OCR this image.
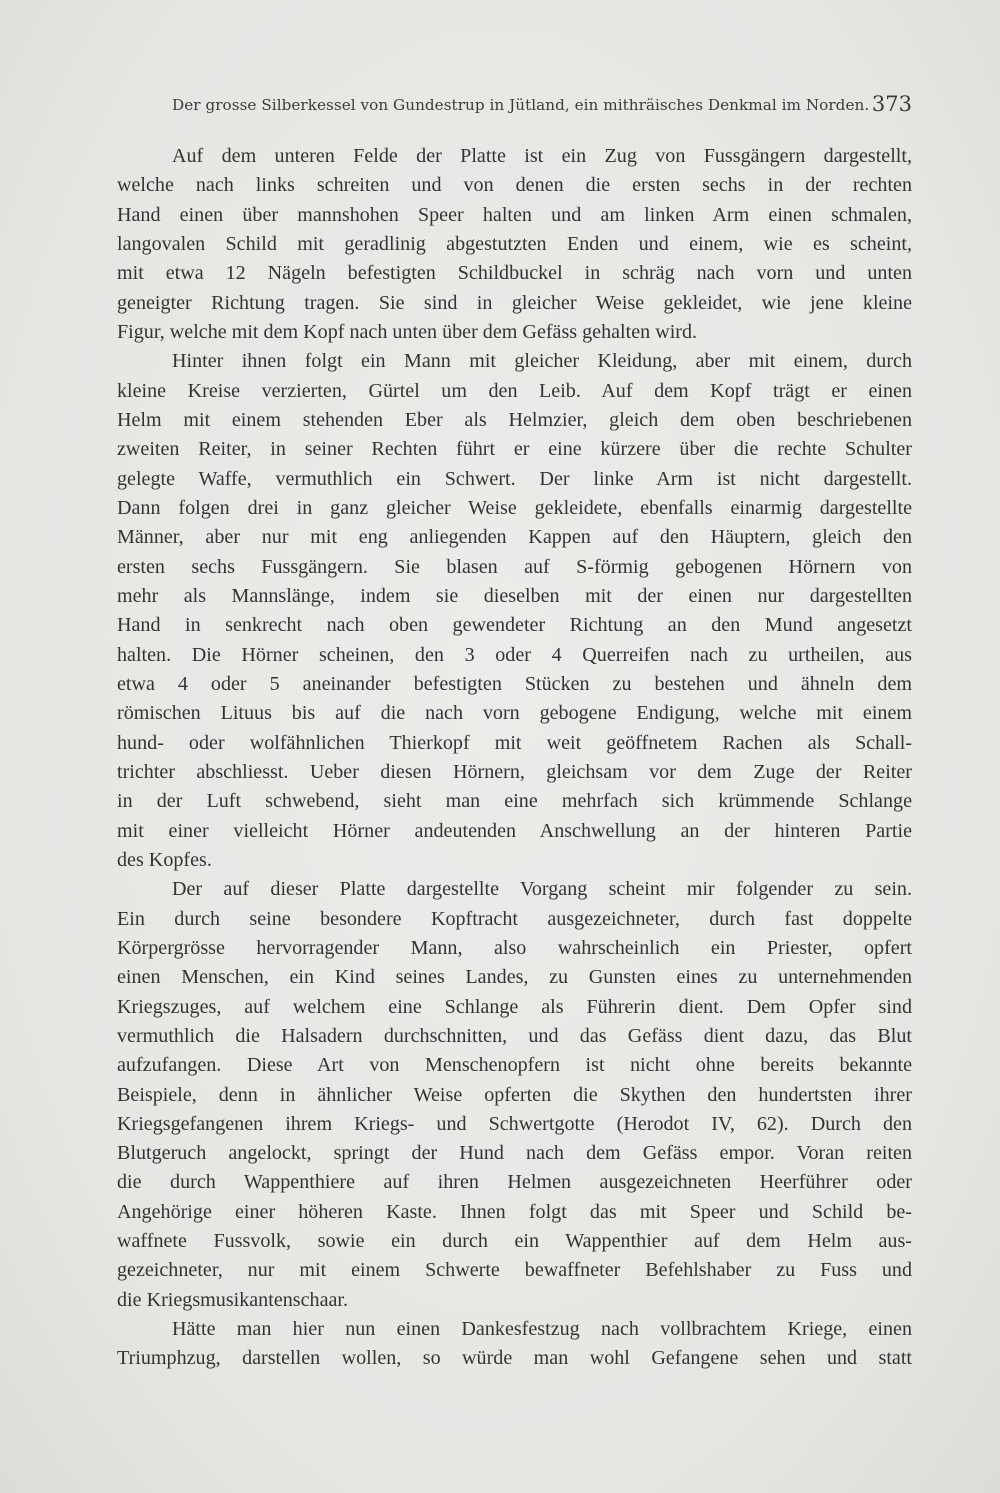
Der grosse Silberkessel von Gundestrup in Jütland, ein mithräisches Denkmal im Norden. 373
Auf dem unteren Felde der Platte ist ein Zug von Fussgängern dargestellt,
welche nach links schreiten und von denen die ersten sechs in der rechten
Hand einen über mannshohen Speer halten und am linken Arm einen schmalen,
langovalen Schild mit geradlinig abgestutzten Enden und einem, wie es scheint,
mit etwa 12 Nägeln befestigten Schildbuckel in schräg nach vorn und unten
geneigter Richtung tragen. Sie sind in gleicher Weise gekleidet, wie jene kleine
Figur, welche mit dem Kopf nach unten über dem Gefäss gehalten wird.
Hinter ihnen folgt ein Mann mit gleicher Kleidung, aber mit einem, durch
kleine Kreise verzierten, Gürtel um den Leib. Auf dem Kopf trägt er einen
Helm mit einem stehenden Eber als Helmzier, gleich dem oben beschriebenen
zweiten Reiter, in seiner Rechten führt er eine kürzere über die rechte Schulter
gelegte Waffe, vermuthlich ein Schwert. Der linke Arm ist nicht dargestellt.
Dann folgen drei in ganz gleicher Weise gekleidete, ebenfalls einarmig dargestellte
Männer, aber nur mit eng anliegenden Kappen auf den Häuptern, gleich den
ersten sechs Fussgängern. Sie blasen auf S-förmig gebogenen Hörnern von
mehr als Mannslänge, indem sie dieselben mit der einen nur dargestellten
Hand in senkrecht nach oben gewendeter Richtung an den Mund angesetzt
halten. Die Hörner scheinen, den 3 oder 4 Querreifen nach zu urtheilen, aus
etwa 4 oder 5 aneinander befestigten Stücken zu bestehen und ähneln dem
römischen Lituus bis auf die nach vorn gebogene Endigung, welche mit einem
hund- oder wolfähnlichen Thierkopf mit weit geöffnetem Rachen als Schall-
trichter abschliesst. Ueber diesen Hörnern, gleichsam vor dem Zuge der Reiter
in der Luft schwebend, sieht man eine mehrfach sich krümmende Schlange
mit einer vielleicht Hörner andeutenden Anschwellung an der hinteren Partie
des Kopfes.
Der auf dieser Platte dargestellte Vorgang scheint mir folgender zu sein.
Ein durch seine besondere Kopftracht ausgezeichneter, durch fast doppelte
Körpergrösse hervorragender Mann, also wahrscheinlich ein Priester, opfert
einen Menschen, ein Kind seines Landes, zu Gunsten eines zu unternehmenden
Kriegszuges, auf welchem eine Schlange als Führerin dient. Dem Opfer sind
vermuthlich die Halsadern durchschnitten, und das Gefäss dient dazu, das Blut
aufzufangen. Diese Art von Menschenopfern ist nicht ohne bereits bekannte
Beispiele, denn in ähnlicher Weise opferten die Skythen den hundertsten ihrer
Kriegsgefangenen ihrem Kriegs- und Schwertgotte (Herodot IV, 62). Durch den
Blutgeruch angelockt, springt der Hund nach dem Gefäss empor. Voran reiten
die durch Wappenthiere auf ihren Helmen ausgezeichneten Heerführer oder
Angehörige einer höheren Kaste. Ihnen folgt das mit Speer und Schild be-
waffnete Fussvolk, sowie ein durch ein Wappenthier auf dem Helm aus-
gezeichneter, nur mit einem Schwerte bewaffneter Befehlshaber zu Fuss und
die Kriegsmusikantenschaar.
Hätte man hier nun einen Dankesfestzug nach vollbrachtem Kriege, einen
Triumphzug, darstellen wollen, so würde man wohl Gefangene sehen und statt
